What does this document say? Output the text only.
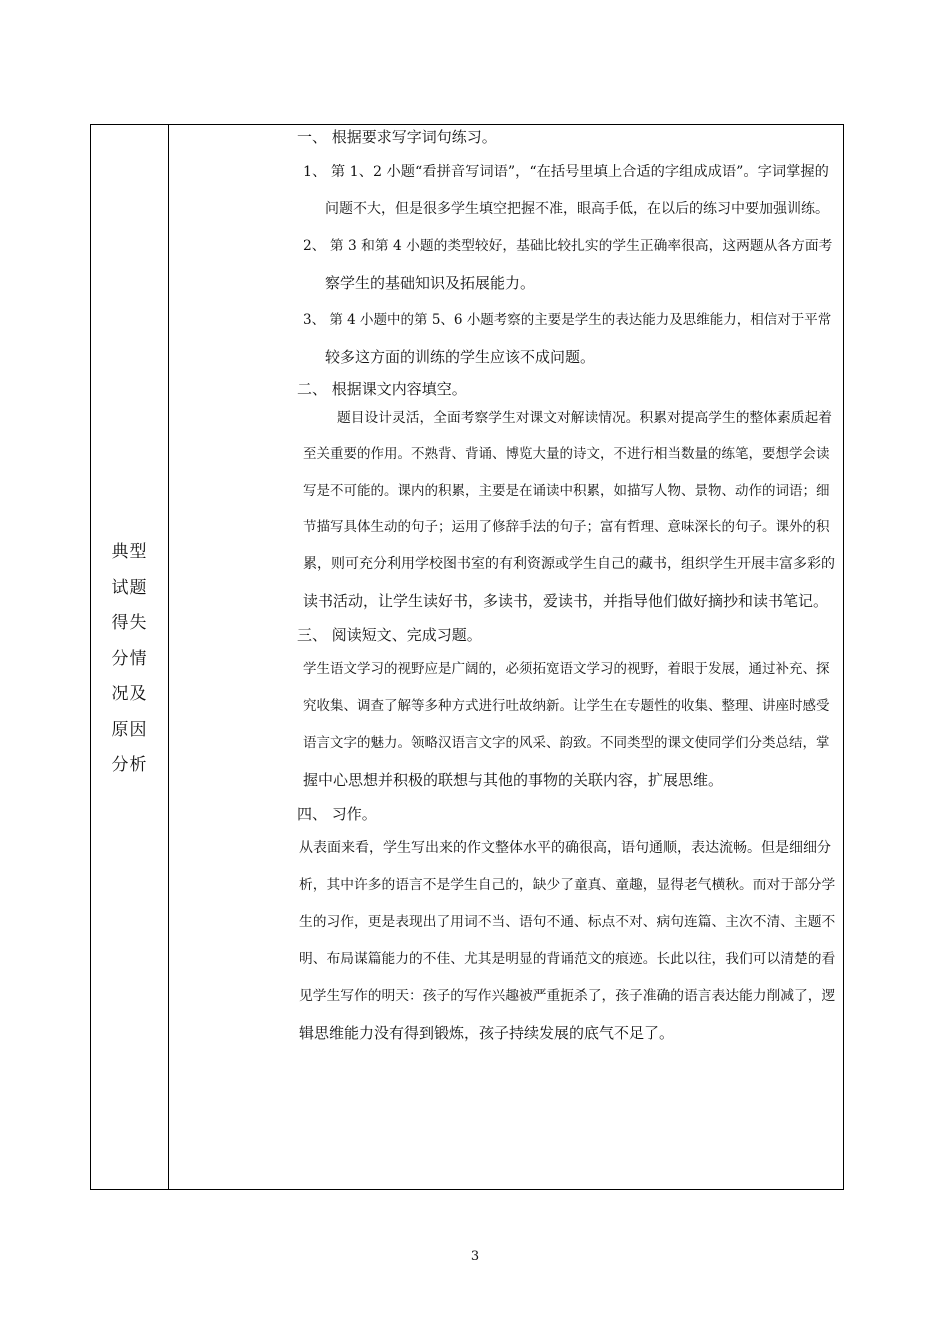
典型
试题
得失
分情
况及
原因
分析
一、 根据要求写字词句练习。
1、 第 1、2 小题“看拼音写词语”，“在括号里填上合适的字组成成语”。字词掌握的
问题不大，但是很多学生填空把握不准，眼高手低，在以后的练习中要加强训练。
2、 第 3 和第 4 小题的类型较好，基础比较扎实的学生正确率很高，这两题从各方面考
察学生的基础知识及拓展能力。
3、 第 4 小题中的第 5、6 小题考察的主要是学生的表达能力及思维能力，相信对于平常
较多这方面的训练的学生应该不成问题。
二、 根据课文内容填空。
题目设计灵活，全面考察学生对课文对解读情况。积累对提高学生的整体素质起着
至关重要的作用。不熟背、背诵、博览大量的诗文，不进行相当数量的练笔，要想学会读
写是不可能的。课内的积累，主要是在诵读中积累，如描写人物、景物、动作的词语；细
节描写具体生动的句子；运用了修辞手法的句子；富有哲理、意味深长的句子。课外的积
累，则可充分利用学校图书室的有利资源或学生自己的藏书，组织学生开展丰富多彩的
读书活动，让学生读好书，多读书，爱读书，并指导他们做好摘抄和读书笔记。
三、 阅读短文、完成习题。
学生语文学习的视野应是广阔的，必须拓宽语文学习的视野，着眼于发展，通过补充、探
究收集、调查了解等多种方式进行吐故纳新。让学生在专题性的收集、整理、讲座时感受
语言文字的魅力。领略汉语言文字的风采、韵致。不同类型的课文使同学们分类总结，掌
握中心思想并积极的联想与其他的事物的关联内容，扩展思维。
四、 习作。
从表面来看，学生写出来的作文整体水平的确很高，语句通顺，表达流畅。但是细细分
析，其中许多的语言不是学生自己的，缺少了童真、童趣，显得老气横秋。而对于部分学
生的习作，更是表现出了用词不当、语句不通、标点不对、病句连篇、主次不清、主题不
明、布局谋篇能力的不佳、尤其是明显的背诵范文的痕迹。长此以往，我们可以清楚的看
见学生写作的明天：孩子的写作兴趣被严重扼杀了，孩子准确的语言表达能力削减了，逻
辑思维能力没有得到锻炼，孩子持续发展的底气不足了。
3
